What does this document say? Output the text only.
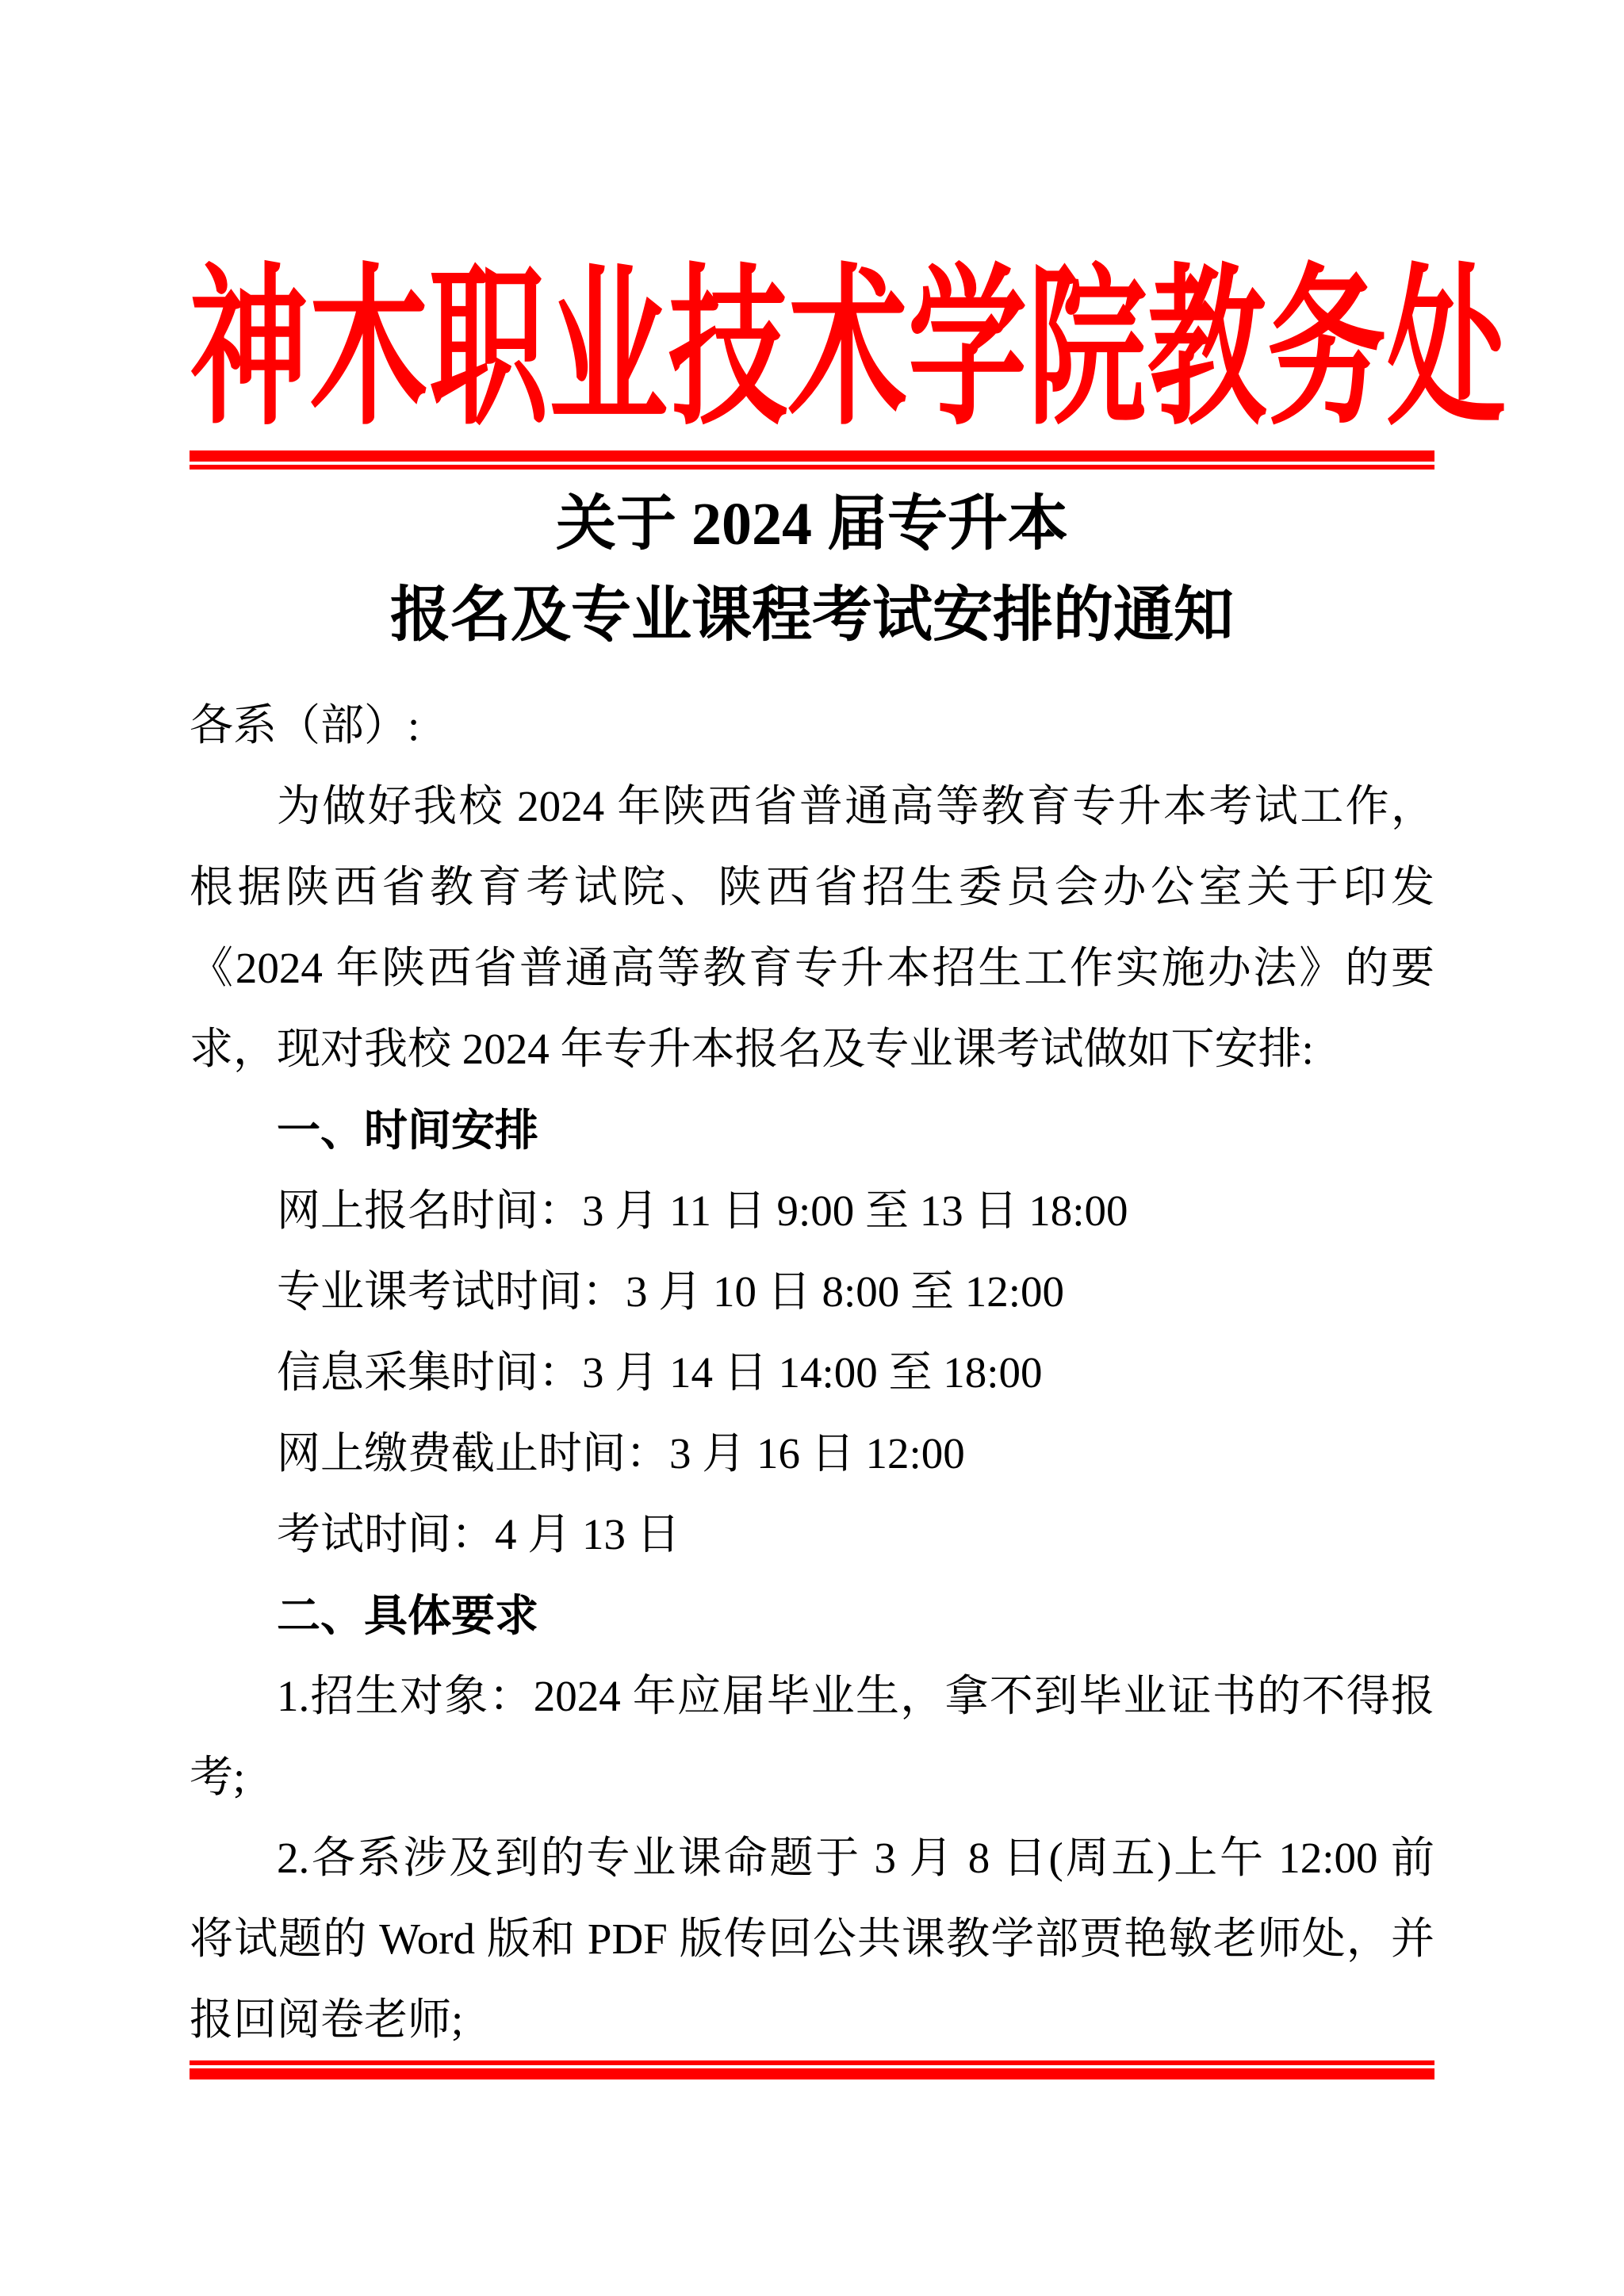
神木职业技术学院教务处
关于 2024 届专升本
报名及专业课程考试安排的通知

各系（部）:

为做好我校 2024 年陕西省普通高等教育专升本考试工作，
根据陕西省教育考试院、陕西省招生委员会办公室关于印发
《2024 年陕西省普通高等教育专升本招生工作实施办法》的要
求，现对我校 2024 年专升本报名及专业课考试做如下安排:
一、时间安排
网上报名时间：3 月 11 日 9:00 至 13 日 18:00
专业课考试时间：3 月 10 日 8:00 至 12:00
信息采集时间：3 月 14 日 14:00 至 18:00
网上缴费截止时间：3 月 16 日 12:00
考试时间：4 月 13 日
二、具体要求
1.招生对象：2024 年应届毕业生，拿不到毕业证书的不得报
考;
2.各系涉及到的专业课命题于 3 月 8 日(周五)上午 12:00 前
将试题的 Word 版和 PDF 版传回公共课教学部贾艳敏老师处，并
报回阅卷老师;
